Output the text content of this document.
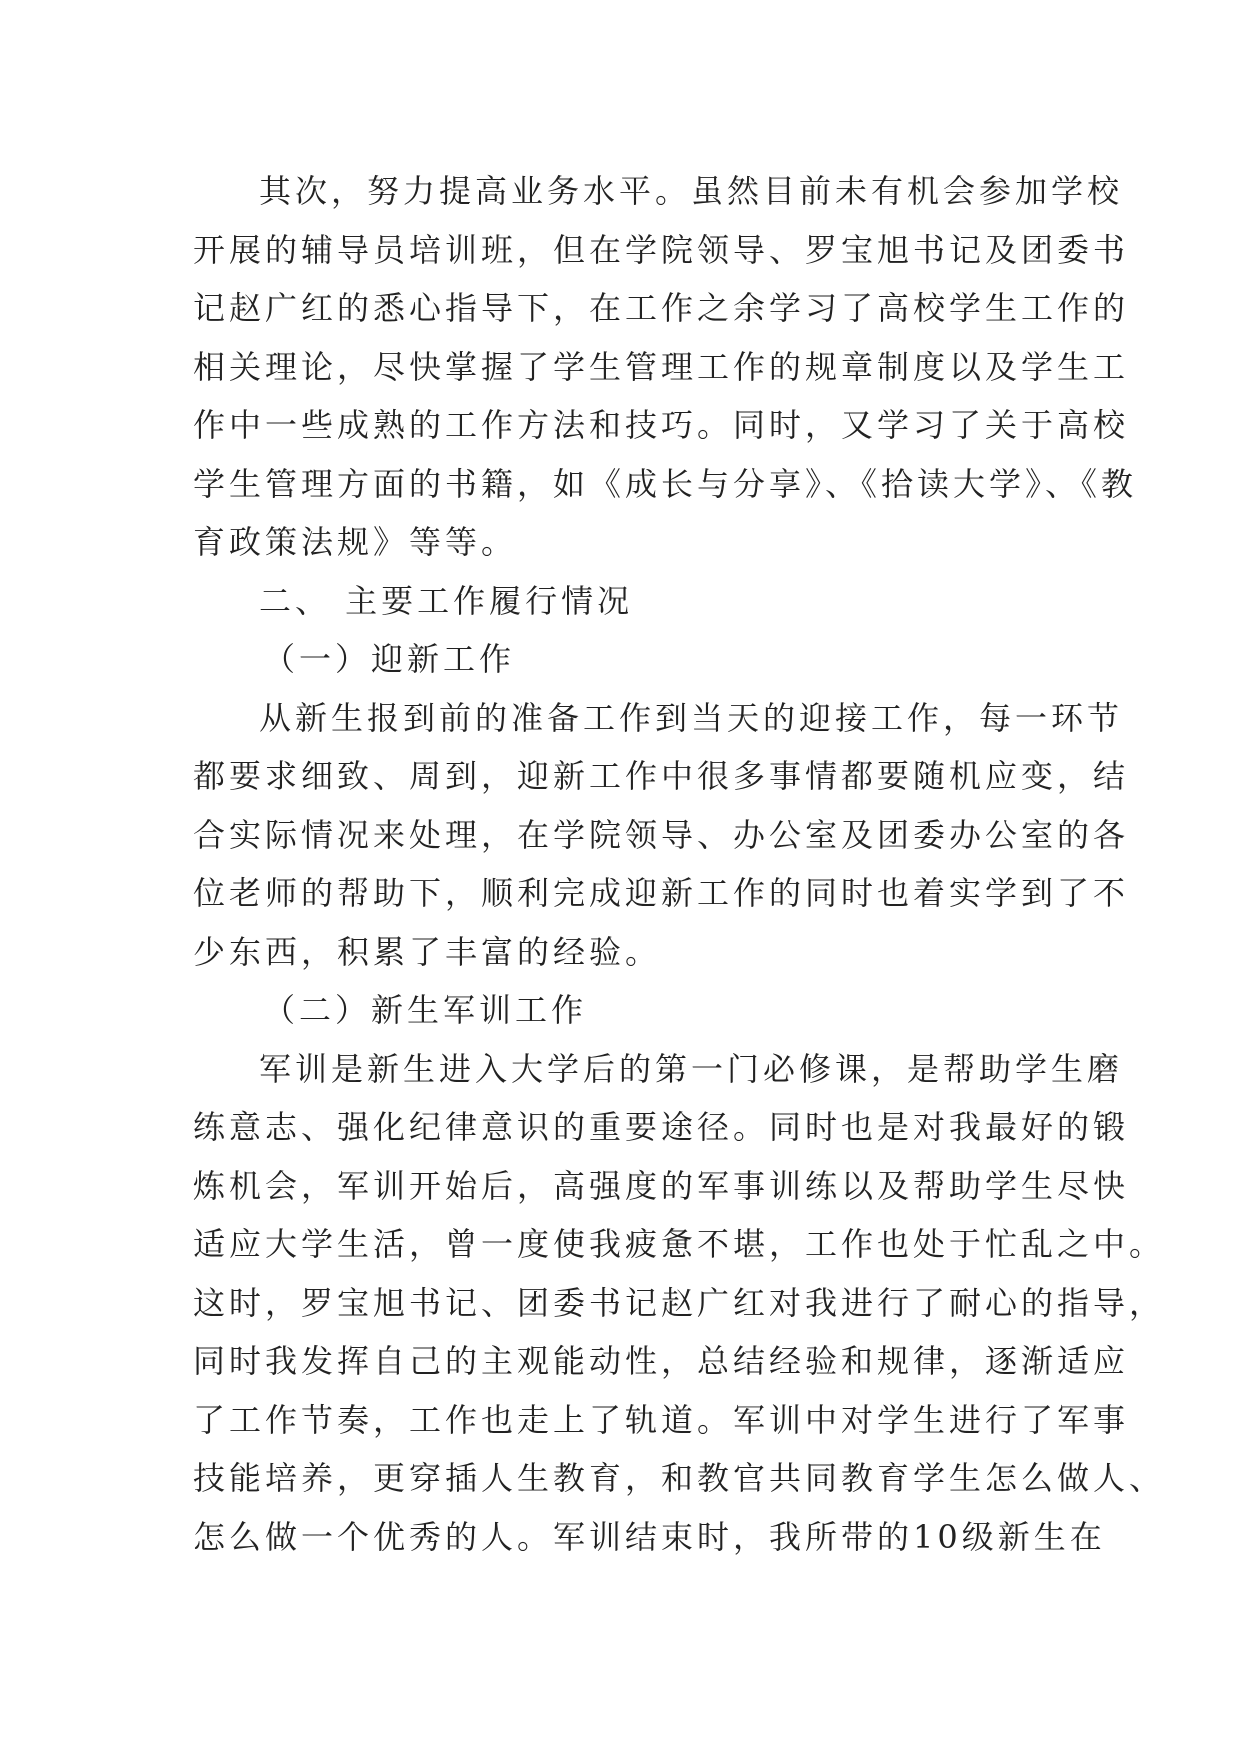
其次，努力提高业务水平。虽然目前未有机会参加学校
开展的辅导员培训班，但在学院领导、罗宝旭书记及团委书
记赵广红的悉心指导下，在工作之余学习了高校学生工作的
相关理论，尽快掌握了学生管理工作的规章制度以及学生工
作中一些成熟的工作方法和技巧。同时，又学习了关于高校
学生管理方面的书籍，如《成长与分享》、《拾读大学》、《教
育政策法规》等等。
二、 主要工作履行情况
（一）迎新工作
从新生报到前的准备工作到当天的迎接工作，每一环节
都要求细致、周到，迎新工作中很多事情都要随机应变，结
合实际情况来处理，在学院领导、办公室及团委办公室的各
位老师的帮助下，顺利完成迎新工作的同时也着实学到了不
少东西，积累了丰富的经验。
（二）新生军训工作
军训是新生进入大学后的第一门必修课，是帮助学生磨
练意志、强化纪律意识的重要途径。同时也是对我最好的锻
炼机会，军训开始后，高强度的军事训练以及帮助学生尽快
适应大学生活，曾一度使我疲惫不堪，工作也处于忙乱之中。
这时，罗宝旭书记、团委书记赵广红对我进行了耐心的指导，
同时我发挥自己的主观能动性，总结经验和规律，逐渐适应
了工作节奏，工作也走上了轨道。军训中对学生进行了军事
技能培养，更穿插人生教育，和教官共同教育学生怎么做人、
怎么做一个优秀的人。军训结束时，我所带的10级新生在
